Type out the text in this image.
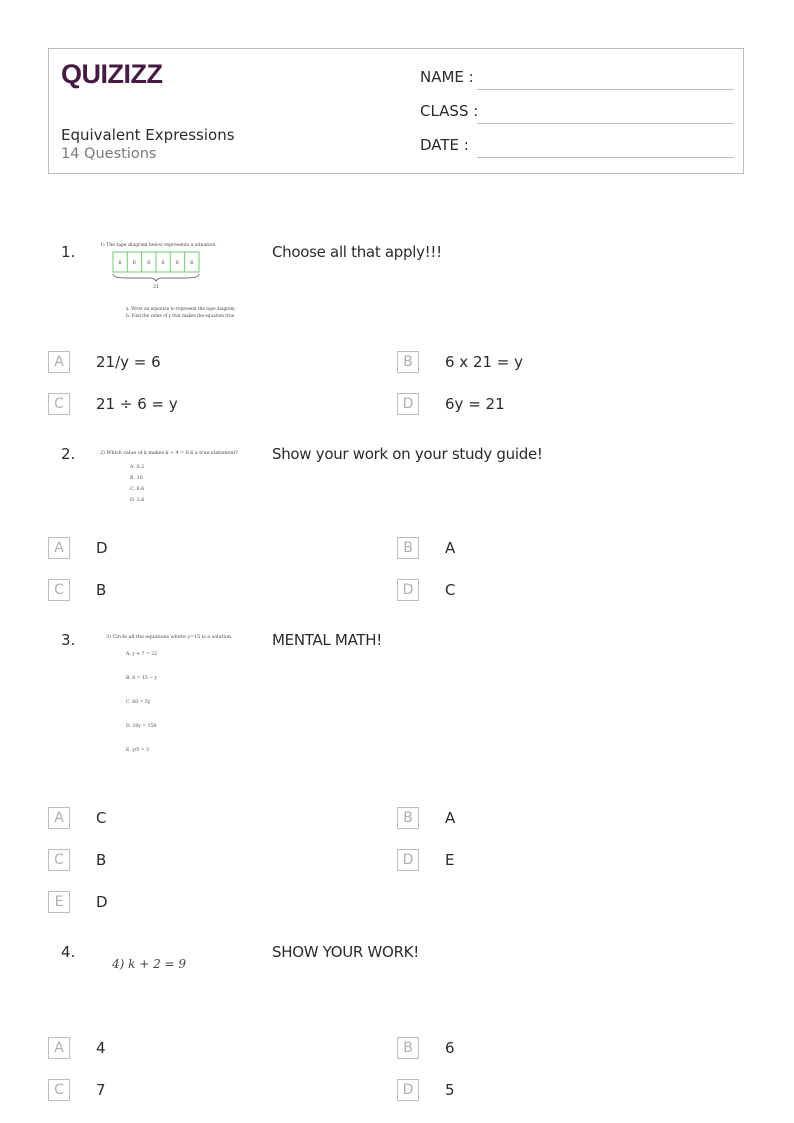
QUIZIZZ
Equivalent Expressions
14 Questions
NAME :
CLASS :
DATE :
1.	1) The tape diagram below represents a situation.
6 6 6 6 6 6
21
a. Write an equation to represent the tape diagram.
b. Find the value of y that makes the equation true.
Choose all that apply!!!
A	21/y = 6	B	6 x 21 = y
C	21 ÷ 6 = y	D	6y = 21
2.	2) Which value of k makes k + 4 = 6.6 a true statement?
A. 0.2
B. 10
C. 6.6
D. 2.6
Show your work on your study guide!
A	D	B	A
C	B	D	C
3.	3) Circle all the equations where y=15 is a solution.
A. y + 7 = 22
B. 8 = 15 − y
C. 60 = 5y
D. 10y = 150
E. y/5 = 3
MENTAL MATH!
A	C	B	A
C	B	D	E
E	D
4.
4) k + 2 = 9
SHOW YOUR WORK!
A	4	B	6
C	7	D	5
